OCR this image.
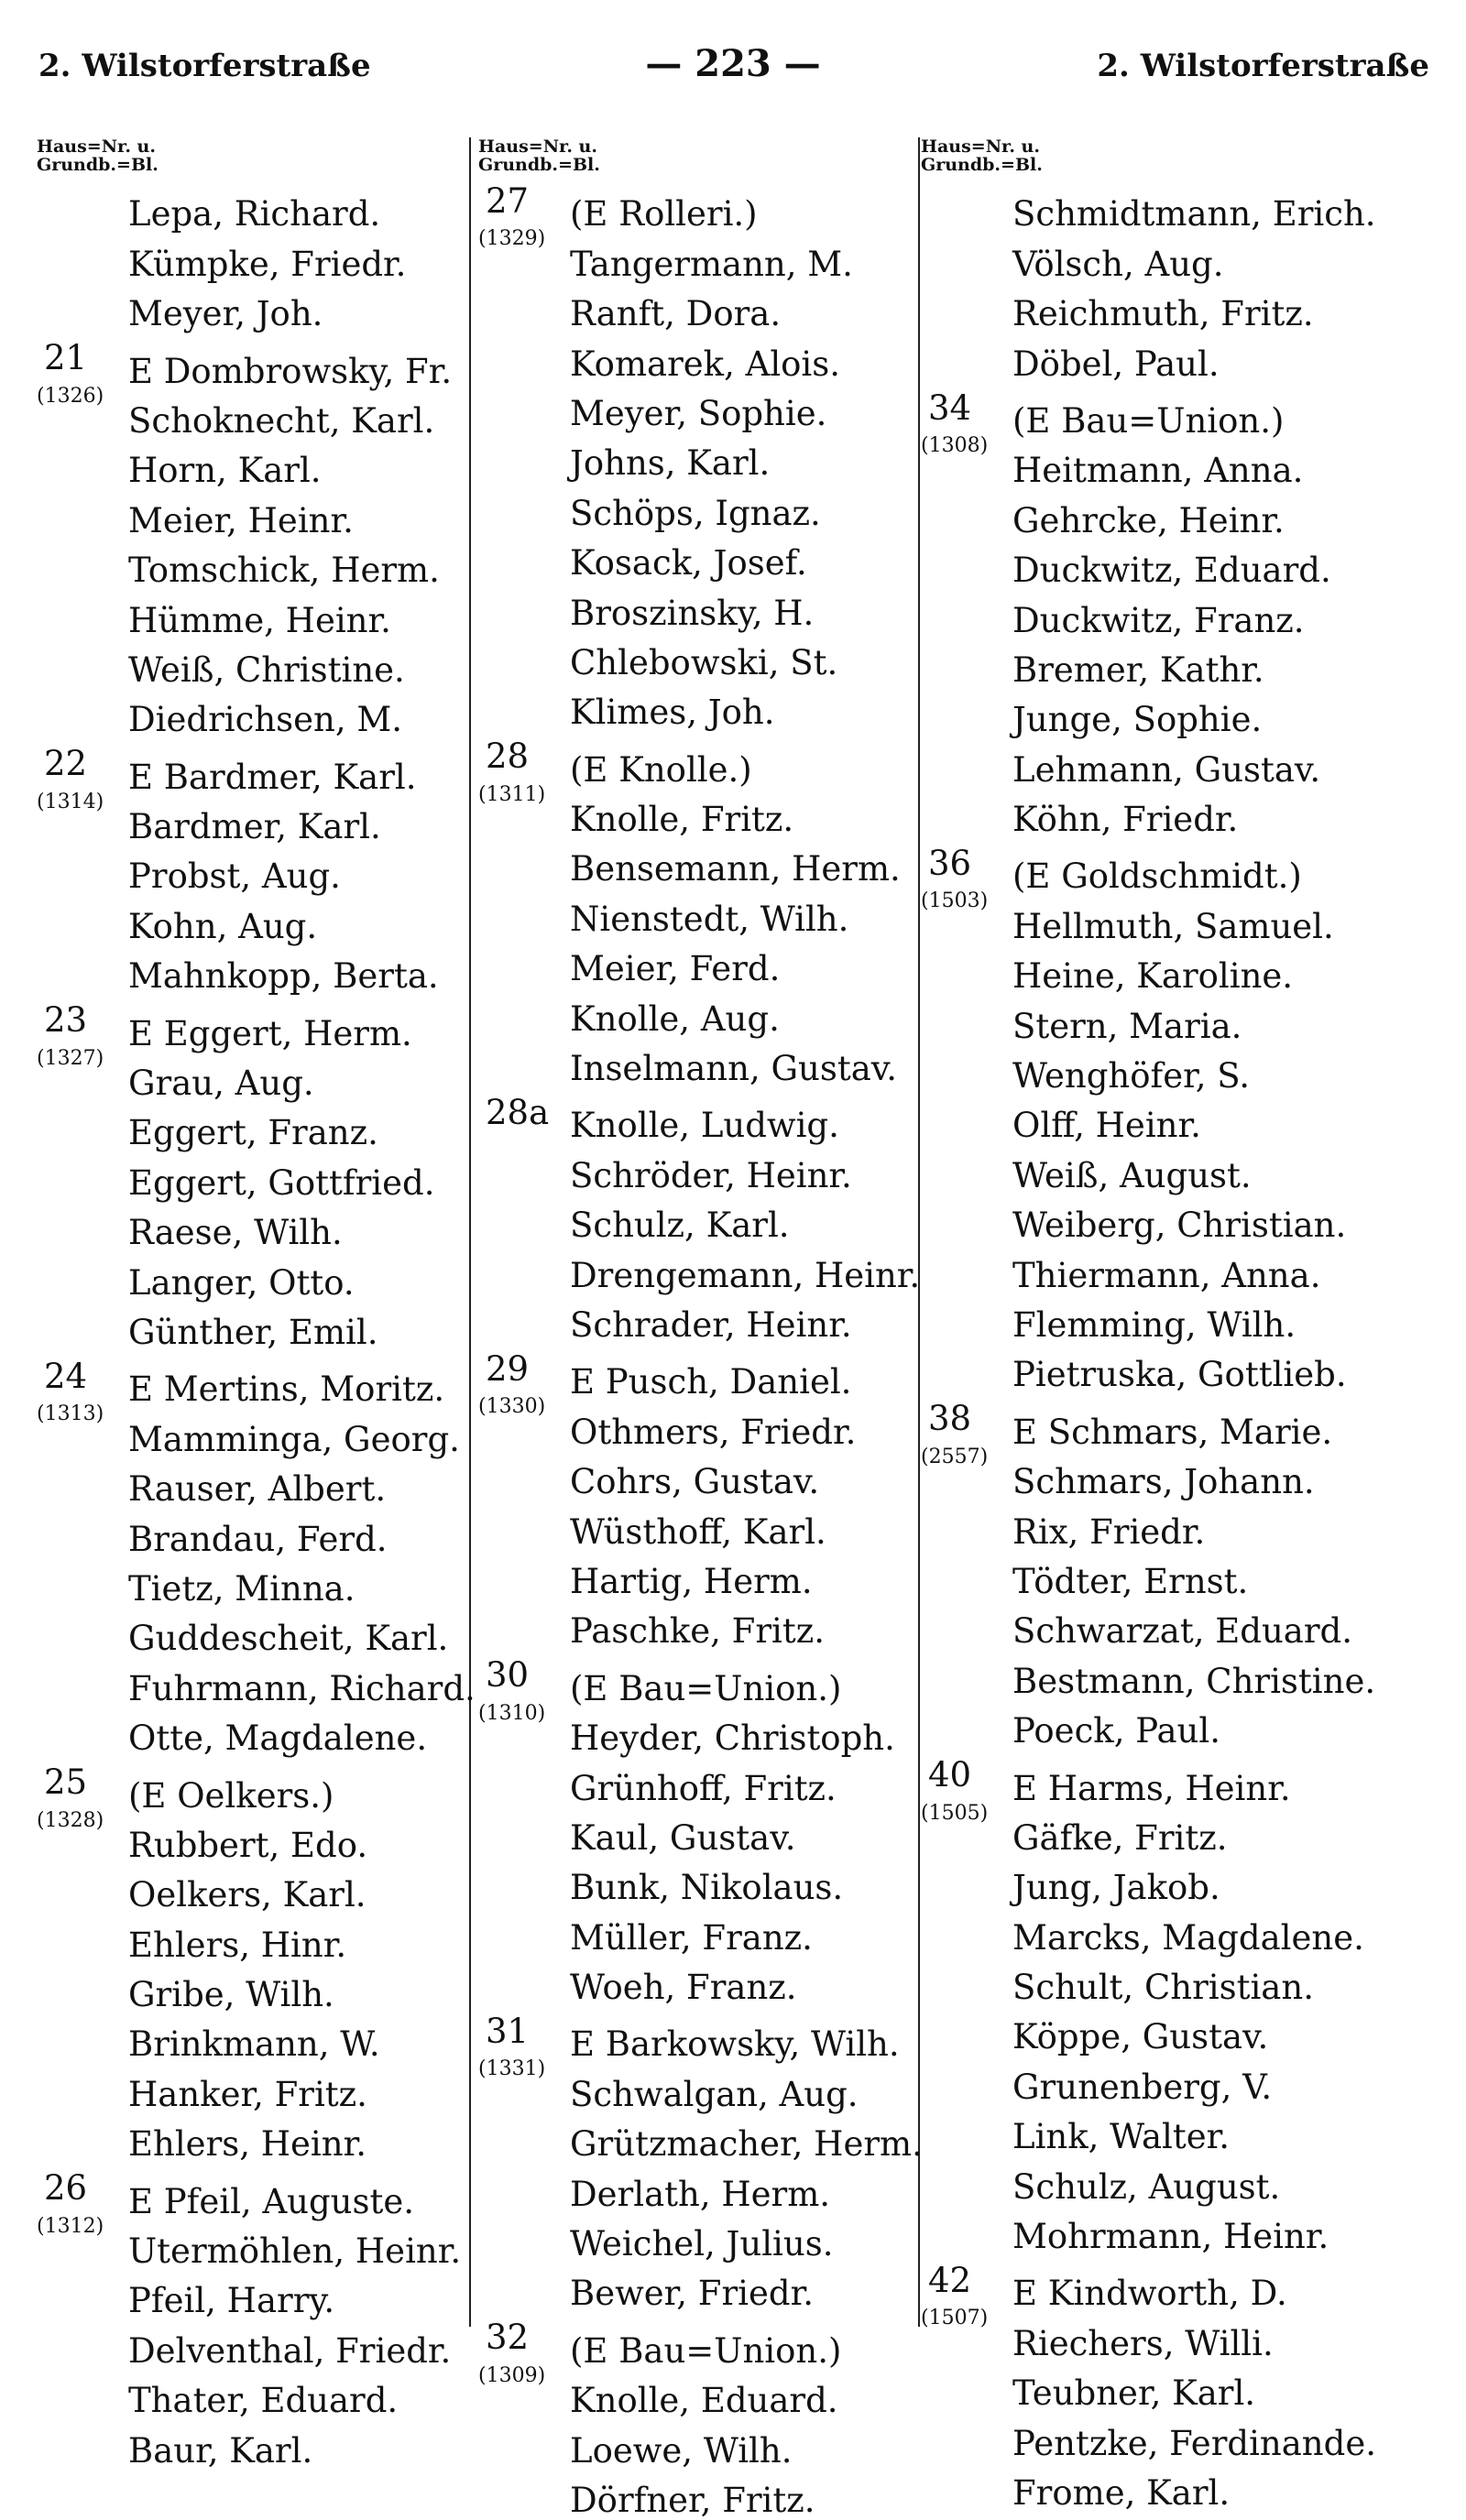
2. Wilstorferstraße	— 223 —	2. Wilstorferstraße
Haus=Nr. u.
Grundb.=Bl.
Lepa, Richard.
Kümpke, Friedr.
Meyer, Joh.
21 E Dombrowsky, Fr.
(1326)
Schoknecht, Karl.
Horn, Karl.
Meier, Heinr.
Tomschick, Herm.
Hümme, Heinr.
Weiß, Christine.
Diedrichsen, M.
22 E Bardmer, Karl.
(1314)
Bardmer, Karl.
Probst, Aug.
Kohn, Aug.
Mahnkopp, Berta.
23 E Eggert, Herm.
(1327)
Grau, Aug.
Eggert, Franz.
Eggert, Gottfried.
Raese, Wilh.
Langer, Otto.
Günther, Emil.
24 E Mertins, Moritz.
(1313)
Mamminga, Georg.
Rauser, Albert.
Brandau, Ferd.
Tietz, Minna.
Guddescheit, Karl.
Fuhrmann, Richard.
Otte, Magdalene.
25 (E Oelkers.)
(1328)
Rubbert, Edo.
Oelkers, Karl.
Ehlers, Hinr.
Gribe, Wilh.
Brinkmann, W.
Hanker, Fritz.
Ehlers, Heinr.
26 E Pfeil, Auguste.
(1312)
Utermöhlen, Heinr.
Pfeil, Harry.
Delventhal, Friedr.
Thater, Eduard.
Baur, Karl.
Haus=Nr. u.
Grundb.=Bl.
27 (E Rolleri.)
(1329)
Tangermann, M.
Ranft, Dora.
Komarek, Alois.
Meyer, Sophie.
Johns, Karl.
Schöps, Ignaz.
Kosack, Josef.
Broszinsky, H.
Chlebowski, St.
Klimes, Joh.
28 (E Knolle.)
(1311)
Knolle, Fritz.
Bensemann, Herm.
Nienstedt, Wilh.
Meier, Ferd.
Knolle, Aug.
Inselmann, Gustav.
28a Knolle, Ludwig.
Schröder, Heinr.
Schulz, Karl.
Drengemann, Heinr.
Schrader, Heinr.
29 E Pusch, Daniel.
(1330)
Othmers, Friedr.
Cohrs, Gustav.
Wüsthoff, Karl.
Hartig, Herm.
Paschke, Fritz.
30 (E Bau=Union.)
(1310)
Heyder, Christoph.
Grünhoff, Fritz.
Kaul, Gustav.
Bunk, Nikolaus.
Müller, Franz.
Woeh, Franz.
31 E Barkowsky, Wilh.
(1331)
Schwalgan, Aug.
Grützmacher, Herm.
Derlath, Herm.
Weichel, Julius.
Bewer, Friedr.
32 (E Bau=Union.)
(1309)
Knolle, Eduard.
Loewe, Wilh.
Dörfner, Fritz.
Haus=Nr. u.
Grundb.=Bl.
Schmidtmann, Erich.
Völsch, Aug.
Reichmuth, Fritz.
Döbel, Paul.
34 (E Bau=Union.)
(1308)
Heitmann, Anna.
Gehrcke, Heinr.
Duckwitz, Eduard.
Duckwitz, Franz.
Bremer, Kathr.
Junge, Sophie.
Lehmann, Gustav.
Köhn, Friedr.
36 (E Goldschmidt.)
(1503)
Hellmuth, Samuel.
Heine, Karoline.
Stern, Maria.
Wenghöfer, S.
Olff, Heinr.
Weiß, August.
Weiberg, Christian.
Thiermann, Anna.
Flemming, Wilh.
Pietruska, Gottlieb.
38 E Schmars, Marie.
(2557)
Schmars, Johann.
Rix, Friedr.
Tödter, Ernst.
Schwarzat, Eduard.
Bestmann, Christine.
Poeck, Paul.
40 E Harms, Heinr.
(1505)
Gäfke, Fritz.
Jung, Jakob.
Marcks, Magdalene.
Schult, Christian.
Köppe, Gustav.
Grunenberg, V.
Link, Walter.
Schulz, August.
Mohrmann, Heinr.
42 E Kindworth, D.
(1507)
Riechers, Willi.
Teubner, Karl.
Pentzke, Ferdinande.
Frome, Karl.
